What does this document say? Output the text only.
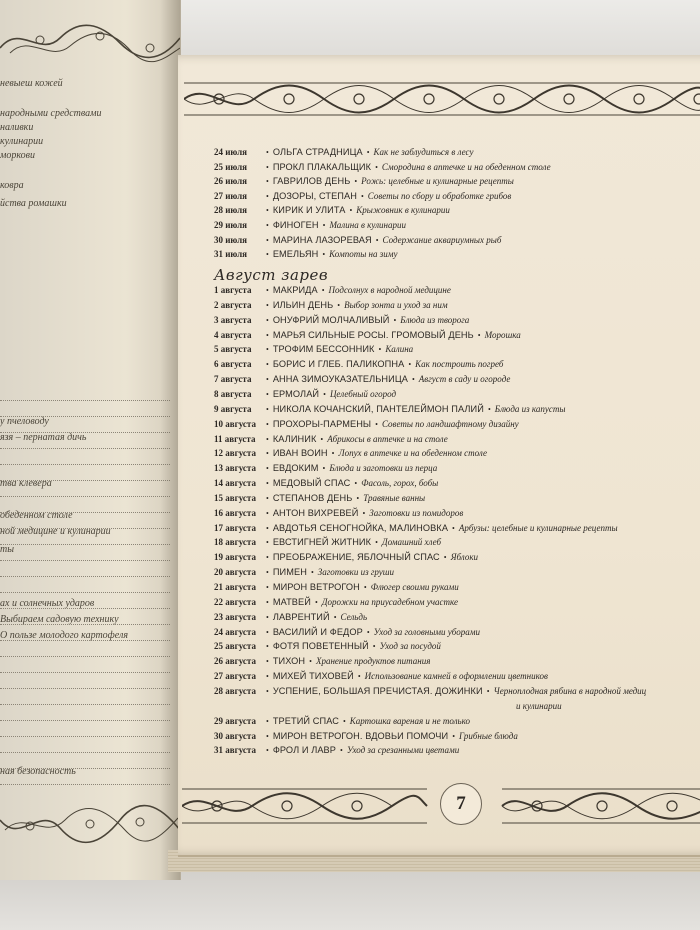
невыеш кожей
народными средствами
наливки
кулинарии
моркови
ковра
йства ромашки
у пчеловоду
язя – пернатая дичь
тва клевера
обеденном столе
ной медицине и кулинарии
ты
ах и солнечных ударов
Выбираем садовую технику
О пользе молодого картофеля
ная безопасность
24 июля • ОЛЬГА СТРАДНИЦА • Как не заблудиться в лесу
25 июля • ПРОКЛ ПЛАКАЛЬЩИК • Смородина в аптечке и на обеденном столе
26 июля • ГАВРИЛОВ ДЕНЬ • Рожь: целебные и кулинарные рецепты
27 июля • ДОЗОРЫ, СТЕПАН • Советы по сбору и обработке грибов
28 июля • КИРИК И УЛИТА • Крыжовник в кулинарии
29 июля • ФИНОГЕН • Малина в кулинарии
30 июля • МАРИНА ЛАЗОРЕВАЯ • Содержание аквариумных рыб
31 июля • ЕМЕЛЬЯН • Компоты на зиму
Август зарев
1 августа • МАКРИДА • Подсолнух в народной медицине
2 августа • ИЛЬИН ДЕНЬ • Выбор зонта и уход за ним
3 августа • ОНУФРИЙ МОЛЧАЛИВЫЙ • Блюда из творога
4 августа • МАРЬЯ СИЛЬНЫЕ РОСЫ. ГРОМОВЫЙ ДЕНЬ • Морошка
5 августа • ТРОФИМ БЕССОННИК • Калина
6 августа • БОРИС И ГЛЕБ. ПАЛИКОПНА • Как построить погреб
7 августа • АННА ЗИМОУКАЗАТЕЛЬНИЦА • Август в саду и огороде
8 августа • ЕРМОЛАЙ • Целебный огород
9 августа • НИКОЛА КОЧАНСКИЙ, ПАНТЕЛЕЙМОН ПАЛИЙ • Блюда из капусты
10 августа • ПРОХОРЫ-ПАРМЕНЫ • Советы по ландшафтному дизайну
11 августа • КАЛИНИК • Абрикосы в аптечке и на столе
12 августа • ИВАН ВОИН • Лопух в аптечке и на обеденном столе
13 августа • ЕВДОКИМ • Блюда и заготовки из перца
14 августа • МЕДОВЫЙ СПАС • Фасоль, горох, бобы
15 августа • СТЕПАНОВ ДЕНЬ • Травяные ванны
16 августа • АНТОН ВИХРЕВЕЙ • Заготовки из помидоров
17 августа • АВДОТЬЯ СЕНОГНОЙКА, МАЛИНОВКА • Арбузы: целебные и кулинарные рецепты
18 августа • ЕВСТИГНЕЙ ЖИТНИК • Домашний хлеб
19 августа • ПРЕОБРАЖЕНИЕ, ЯБЛОЧНЫЙ СПАС • Яблоки
20 августа • ПИМЕН • Заготовки из груши
21 августа • МИРОН ВЕТРОГОН • Флюгер своими руками
22 августа • МАТВЕЙ • Дорожки на приусадебном участке
23 августа • ЛАВРЕНТИЙ • Сельдь
24 августа • ВАСИЛИЙ И ФЕДОР • Уход за головными уборами
25 августа • ФОТЯ ПОВЕТЕННЫЙ • Уход за посудой
26 августа • ТИХОН • Хранение продуктов питания
27 августа • МИХЕЙ ТИХОВЕЙ • Использование камней в оформлении цветников
28 августа • УСПЕНИЕ, БОЛЬШАЯ ПРЕЧИСТАЯ. ДОЖИНКИ • Черноплодная рябина в народной медиц
и кулинарии
29 августа • ТРЕТИЙ СПАС • Картошка вареная и не только
30 августа • МИРОН ВЕТРОГОН. ВДОВЬИ ПОМОЧИ • Грибные блюда
31 августа • ФРОЛ И ЛАВР • Уход за срезанными цветами
7
